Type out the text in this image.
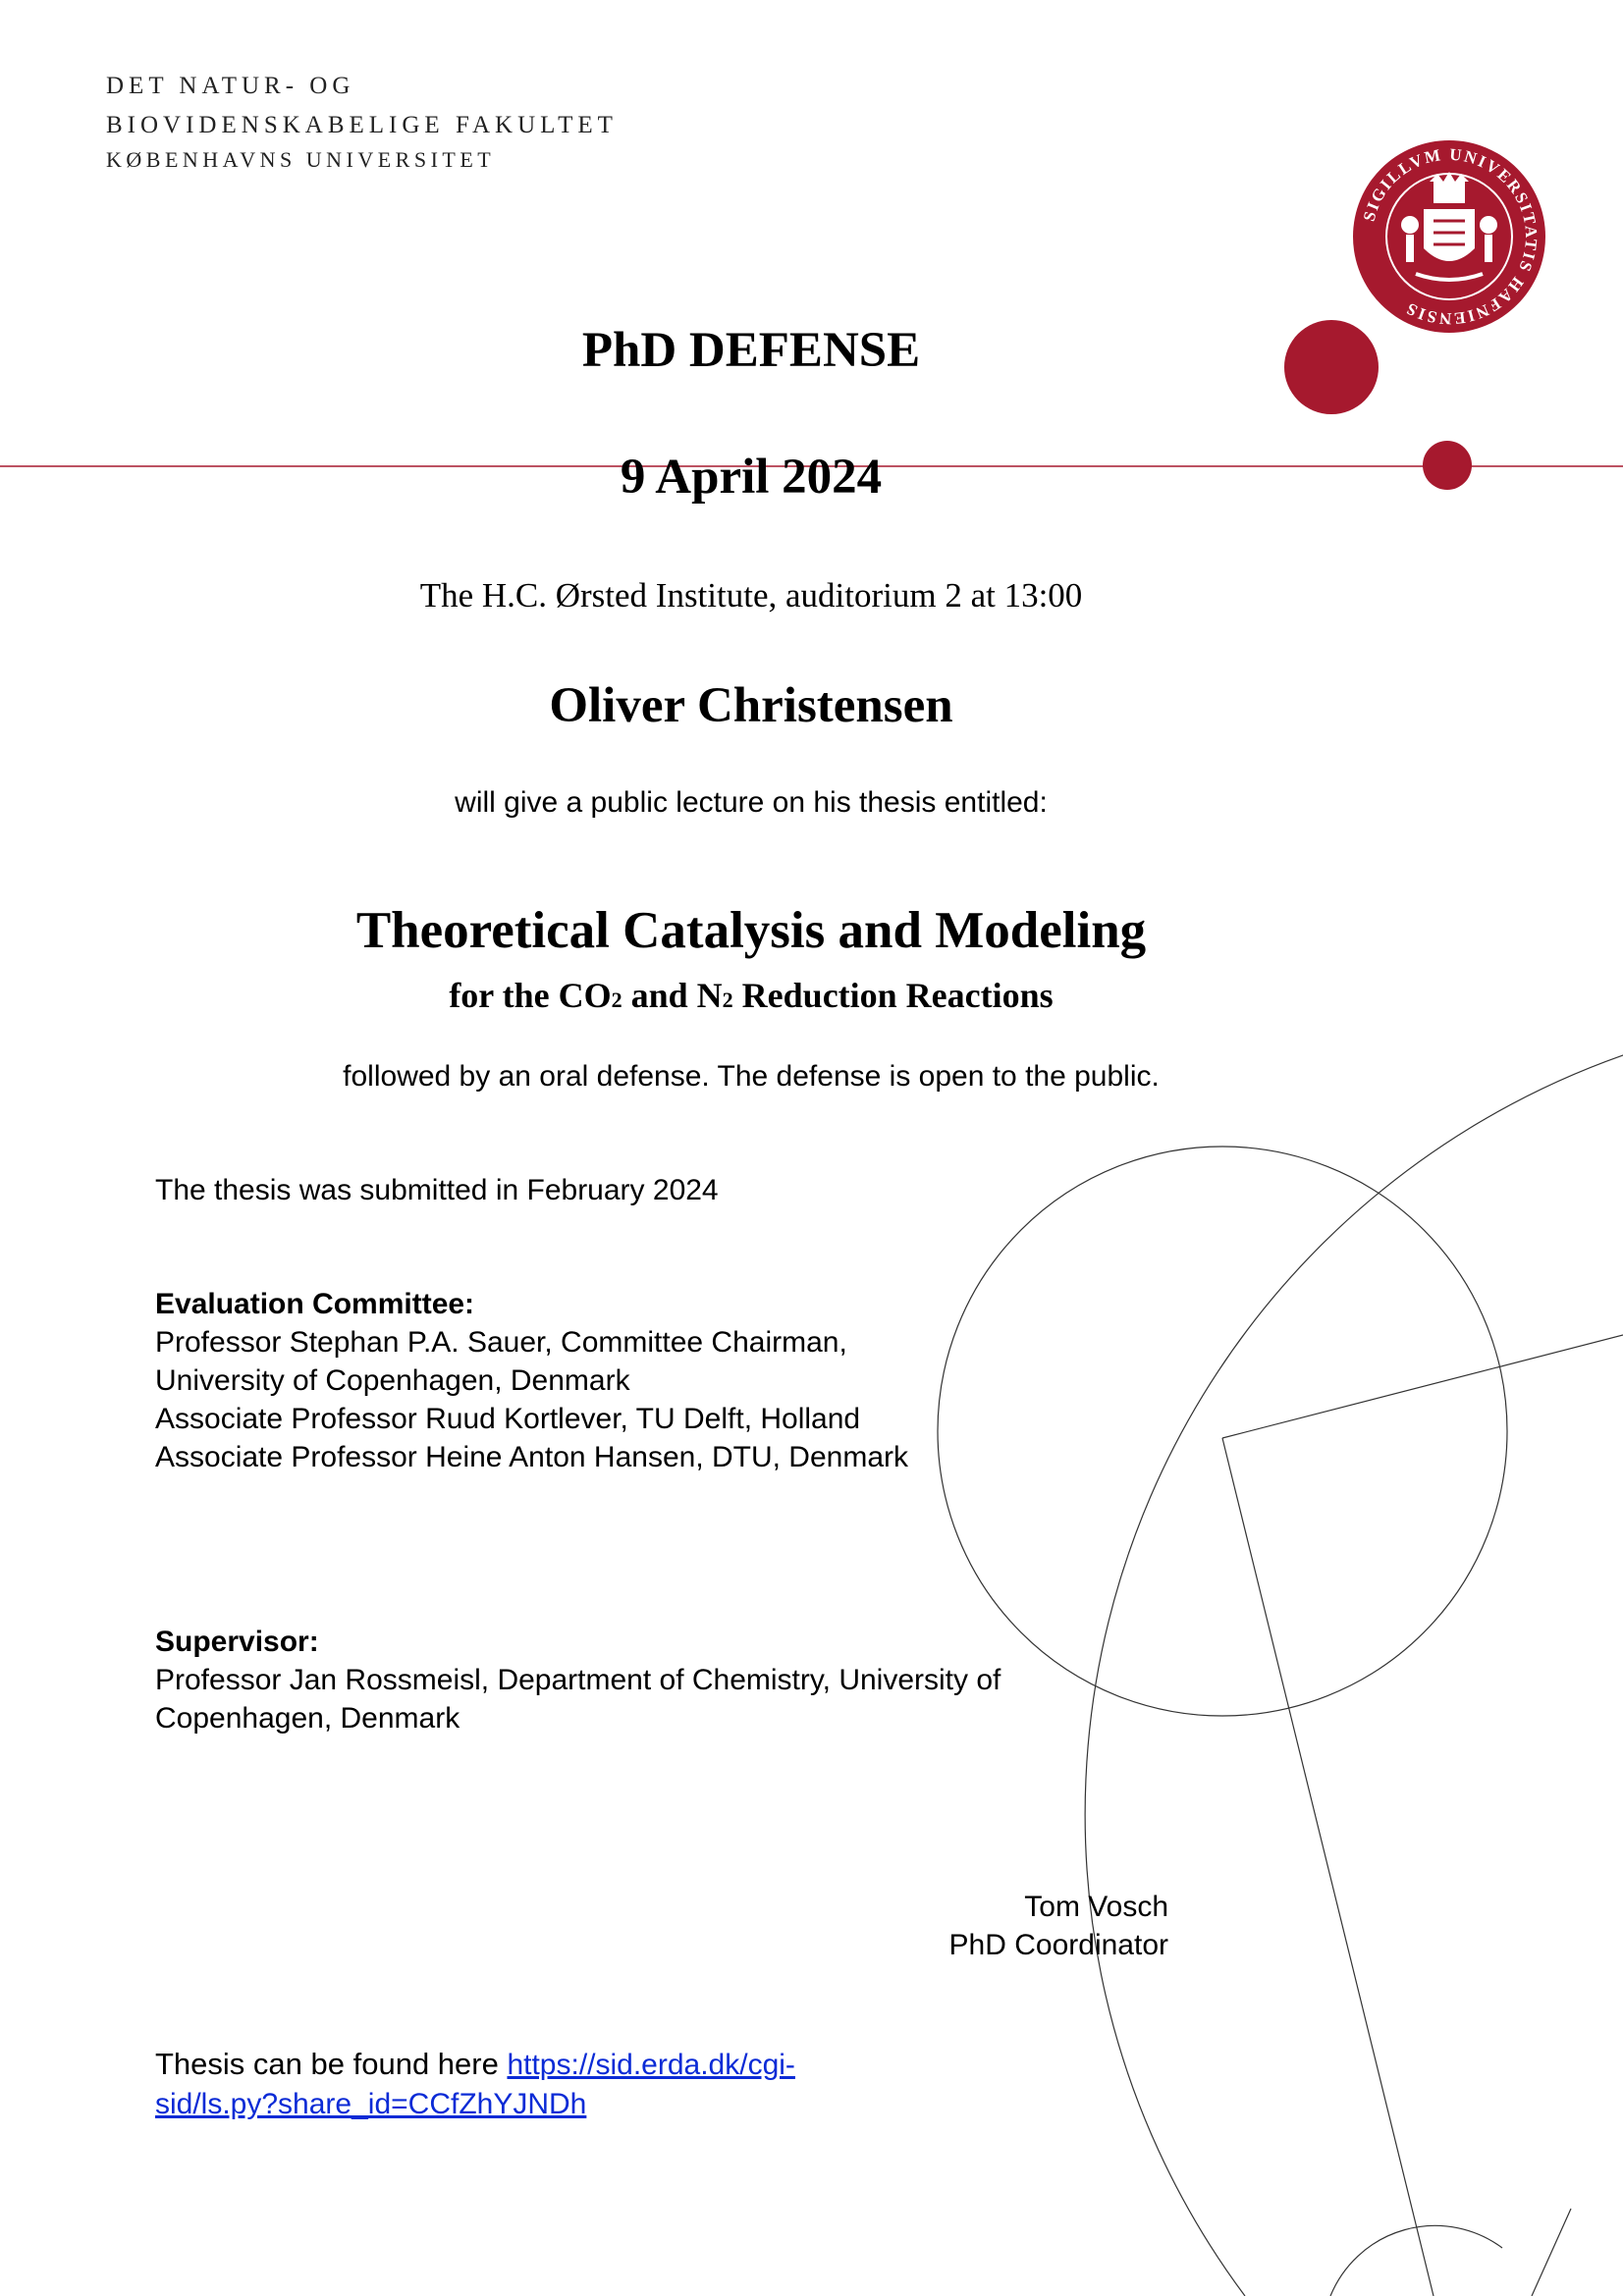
SIGILLVM UNIVERSITATIS HAFNIENSIS
DET NATUR- OG
BIOVIDENSKABELIGE FAKULTET
KØBENHAVNS UNIVERSITET
PhD DEFENSE
9 April 2024
The H.C. Ørsted Institute, auditorium 2 at 13:00
Oliver Christensen
will give a public lecture on his thesis entitled:
Theoretical Catalysis and Modeling
for the CO2 and N2 Reduction Reactions
followed by an oral defense. The defense is open to the public.
The thesis was submitted in February 2024
Evaluation Committee:
Professor Stephan P.A. Sauer, Committee Chairman,
University of Copenhagen, Denmark
Associate Professor Ruud Kortlever, TU Delft, Holland
Associate Professor Heine Anton Hansen, DTU, Denmark
Supervisor:
Professor Jan Rossmeisl, Department of Chemistry, University of
Copenhagen, Denmark
Tom Vosch
PhD Coordinator
Thesis can be found here https://sid.erda.dk/cgi-
sid/ls.py?share_id=CCfZhYJNDh
